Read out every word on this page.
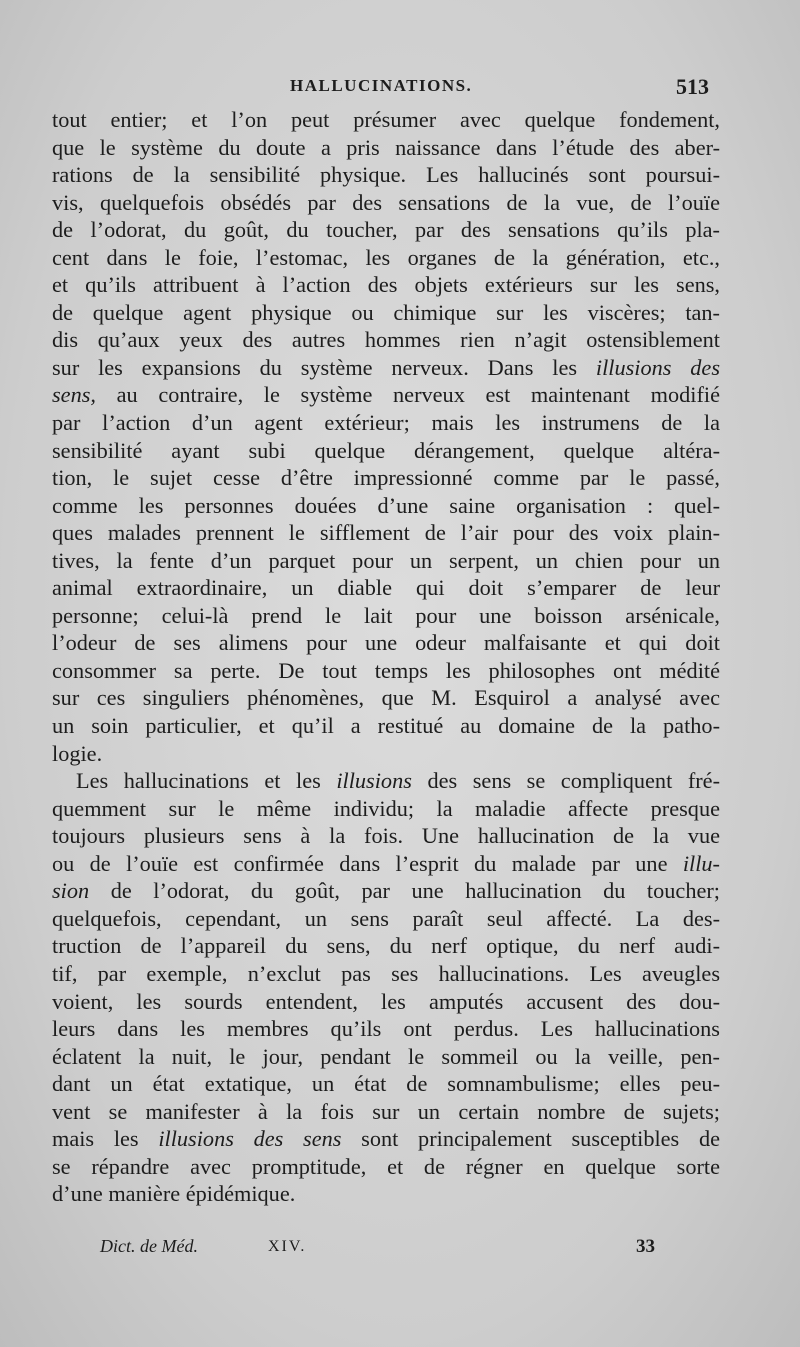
HALLUCINATIONS.	513
tout entier; et l’on peut présumer avec quelque fondement,
que le système du doute a pris naissance dans l’étude des aber-
rations de la sensibilité physique. Les hallucinés sont poursui-
vis, quelquefois obsédés par des sensations de la vue, de l’ouïe
de l’odorat, du goût, du toucher, par des sensations qu’ils pla-
cent dans le foie, l’estomac, les organes de la génération, etc.,
et qu’ils attribuent à l’action des objets extérieurs sur les sens,
de quelque agent physique ou chimique sur les viscères; tan-
dis qu’aux yeux des autres hommes rien n’agit ostensiblement
sur les expansions du système nerveux. Dans les illusions des
sens, au contraire, le système nerveux est maintenant modifié
par l’action d’un agent extérieur; mais les instrumens de la
sensibilité ayant subi quelque dérangement, quelque altéra-
tion, le sujet cesse d’être impressionné comme par le passé,
comme les personnes douées d’une saine organisation : quel-
ques malades prennent le sifflement de l’air pour des voix plain-
tives, la fente d’un parquet pour un serpent, un chien pour un
animal extraordinaire, un diable qui doit s’emparer de leur
personne; celui-là prend le lait pour une boisson arsénicale,
l’odeur de ses alimens pour une odeur malfaisante et qui doit
consommer sa perte. De tout temps les philosophes ont médité
sur ces singuliers phénomènes, que M. Esquirol a analysé avec
un soin particulier, et qu’il a restitué au domaine de la patho-
logie.
Les hallucinations et les illusions des sens se compliquent fré-
quemment sur le même individu; la maladie affecte presque
toujours plusieurs sens à la fois. Une hallucination de la vue
ou de l’ouïe est confirmée dans l’esprit du malade par une illu-
sion de l’odorat, du goût, par une hallucination du toucher;
quelquefois, cependant, un sens paraît seul affecté. La des-
truction de l’appareil du sens, du nerf optique, du nerf audi-
tif, par exemple, n’exclut pas ses hallucinations. Les aveugles
voient, les sourds entendent, les amputés accusent des dou-
leurs dans les membres qu’ils ont perdus. Les hallucinations
éclatent la nuit, le jour, pendant le sommeil ou la veille, pen-
dant un état extatique, un état de somnambulisme; elles peu-
vent se manifester à la fois sur un certain nombre de sujets;
mais les illusions des sens sont principalement susceptibles de
se répandre avec promptitude, et de régner en quelque sorte
d’une manière épidémique.
Dict. de Méd.	XIV.	33
